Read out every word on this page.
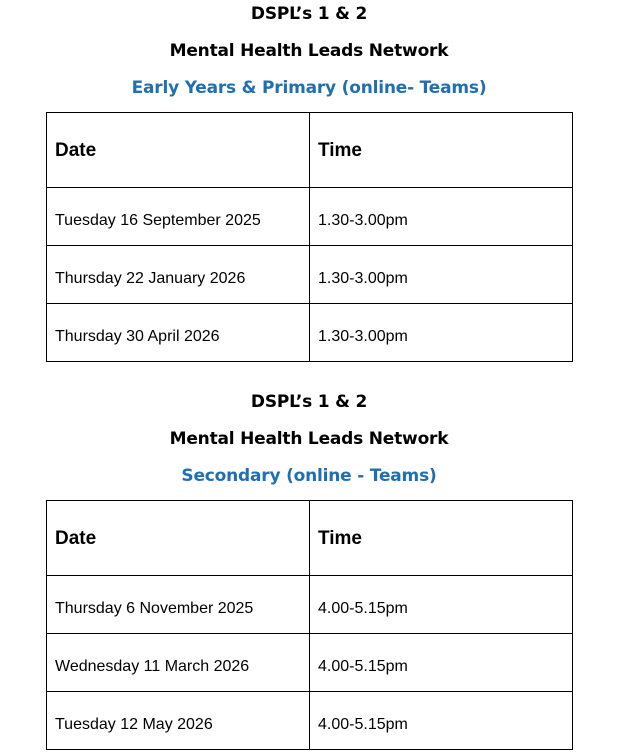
DSPL’s 1 & 2
Mental Health Leads Network
Early Years & Primary (online- Teams)
Date	Time
Tuesday 16 September 2025	1.30-3.00pm
Thursday 22 January 2026	1.30-3.00pm
Thursday 30 April 2026	1.30-3.00pm
DSPL’s 1 & 2
Mental Health Leads Network
Secondary (online - Teams)
Date	Time
Thursday 6 November 2025	4.00-5.15pm
Wednesday 11 March 2026	4.00-5.15pm
Tuesday 12 May 2026	4.00-5.15pm
